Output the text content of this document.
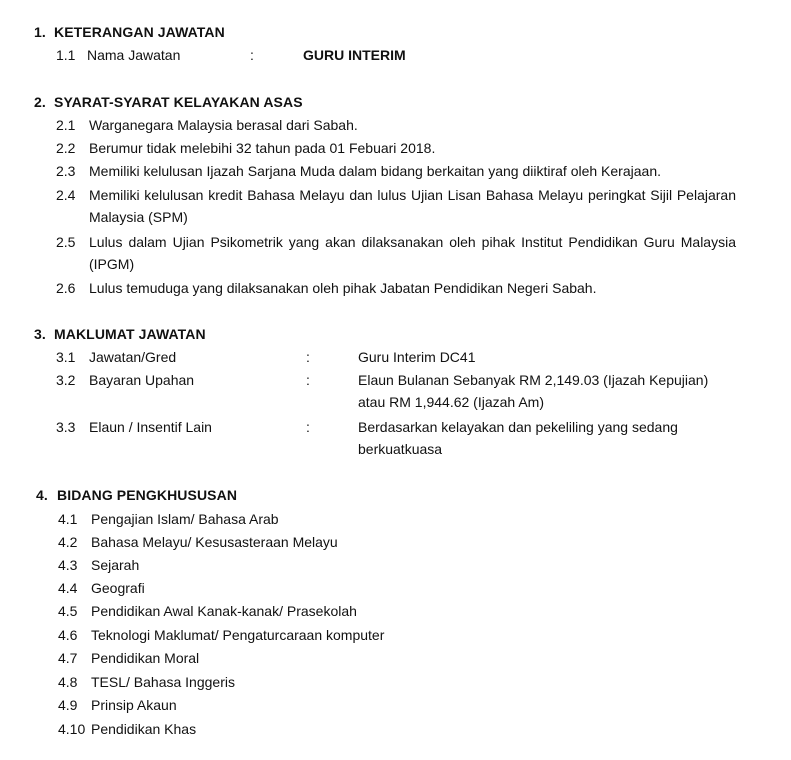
1. KETERANGAN JAWATAN
1.1 Nama Jawatan	:	GURU INTERIM
2. SYARAT-SYARAT KELAYAKAN ASAS
2.1 Warganegara Malaysia berasal dari Sabah.
2.2 Berumur tidak melebihi 32 tahun pada 01 Febuari 2018.
2.3 Memiliki kelulusan Ijazah Sarjana Muda dalam bidang berkaitan yang diiktiraf oleh Kerajaan.
2.4 Memiliki kelulusan kredit Bahasa Melayu dan lulus Ujian Lisan Bahasa Melayu peringkat Sijil Pelajaran Malaysia (SPM)
2.5 Lulus dalam Ujian Psikometrik yang akan dilaksanakan oleh pihak Institut Pendidikan Guru Malaysia (IPGM)
2.6 Lulus temuduga yang dilaksanakan oleh pihak Jabatan Pendidikan Negeri Sabah.
3. MAKLUMAT JAWATAN
3.1 Jawatan/Gred	:	Guru Interim DC41
3.2 Bayaran Upahan	:	Elaun Bulanan Sebanyak RM 2,149.03 (Ijazah Kepujian) atau RM 1,944.62 (Ijazah Am)
3.3 Elaun / Insentif Lain	:	Berdasarkan kelayakan dan pekeliling yang sedang berkuatkuasa
4. BIDANG PENGKHUSUSAN
4.1 Pengajian Islam/ Bahasa Arab
4.2 Bahasa Melayu/ Kesusasteraan Melayu
4.3 Sejarah
4.4 Geografi
4.5 Pendidikan Awal Kanak-kanak/ Prasekolah
4.6 Teknologi Maklumat/ Pengaturcaraan komputer
4.7 Pendidikan Moral
4.8 TESL/ Bahasa Inggeris
4.9 Prinsip Akaun
4.10 Pendidikan Khas
